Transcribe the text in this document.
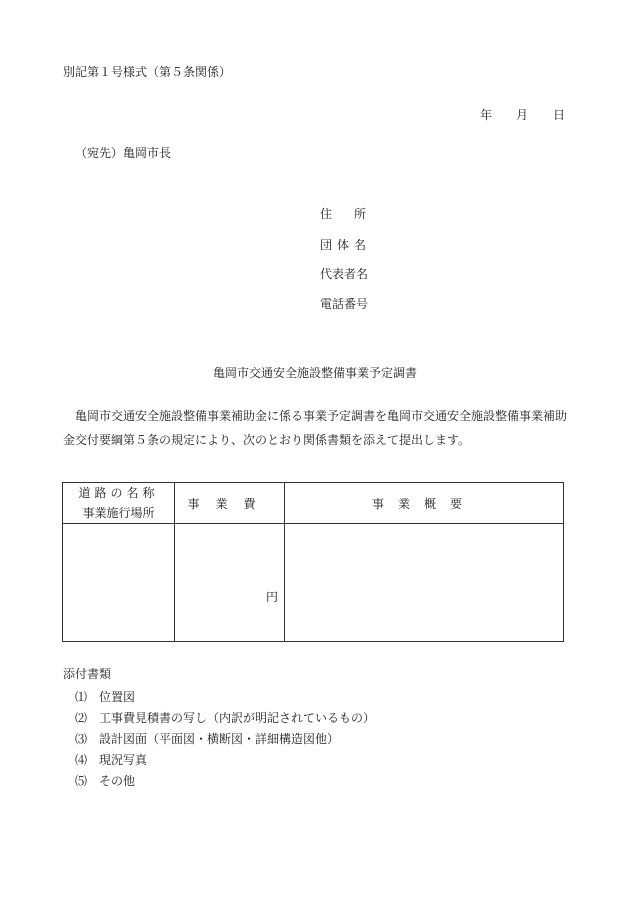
別記第１号様式（第５条関係）
年 月 日
（宛先）亀岡市長
住所
団体名
代表者名
電話番号
亀岡市交通安全施設整備事業予定調書

亀岡市交通安全施設整備事業補助金に係る事業予定調書を亀岡市交通安全施設整備事業補助金交付要綱第５条の規定により、次のとおり関係書類を添えて提出します。

道路の名称
事業施行場所	事業費	事業概要

	円	

添付書類
⑴ 位置図
⑵ 工事費見積書の写し（内訳が明記されているもの）
⑶ 設計図面（平面図・横断図・詳細構造図他）
⑷ 現況写真
⑸ その他
